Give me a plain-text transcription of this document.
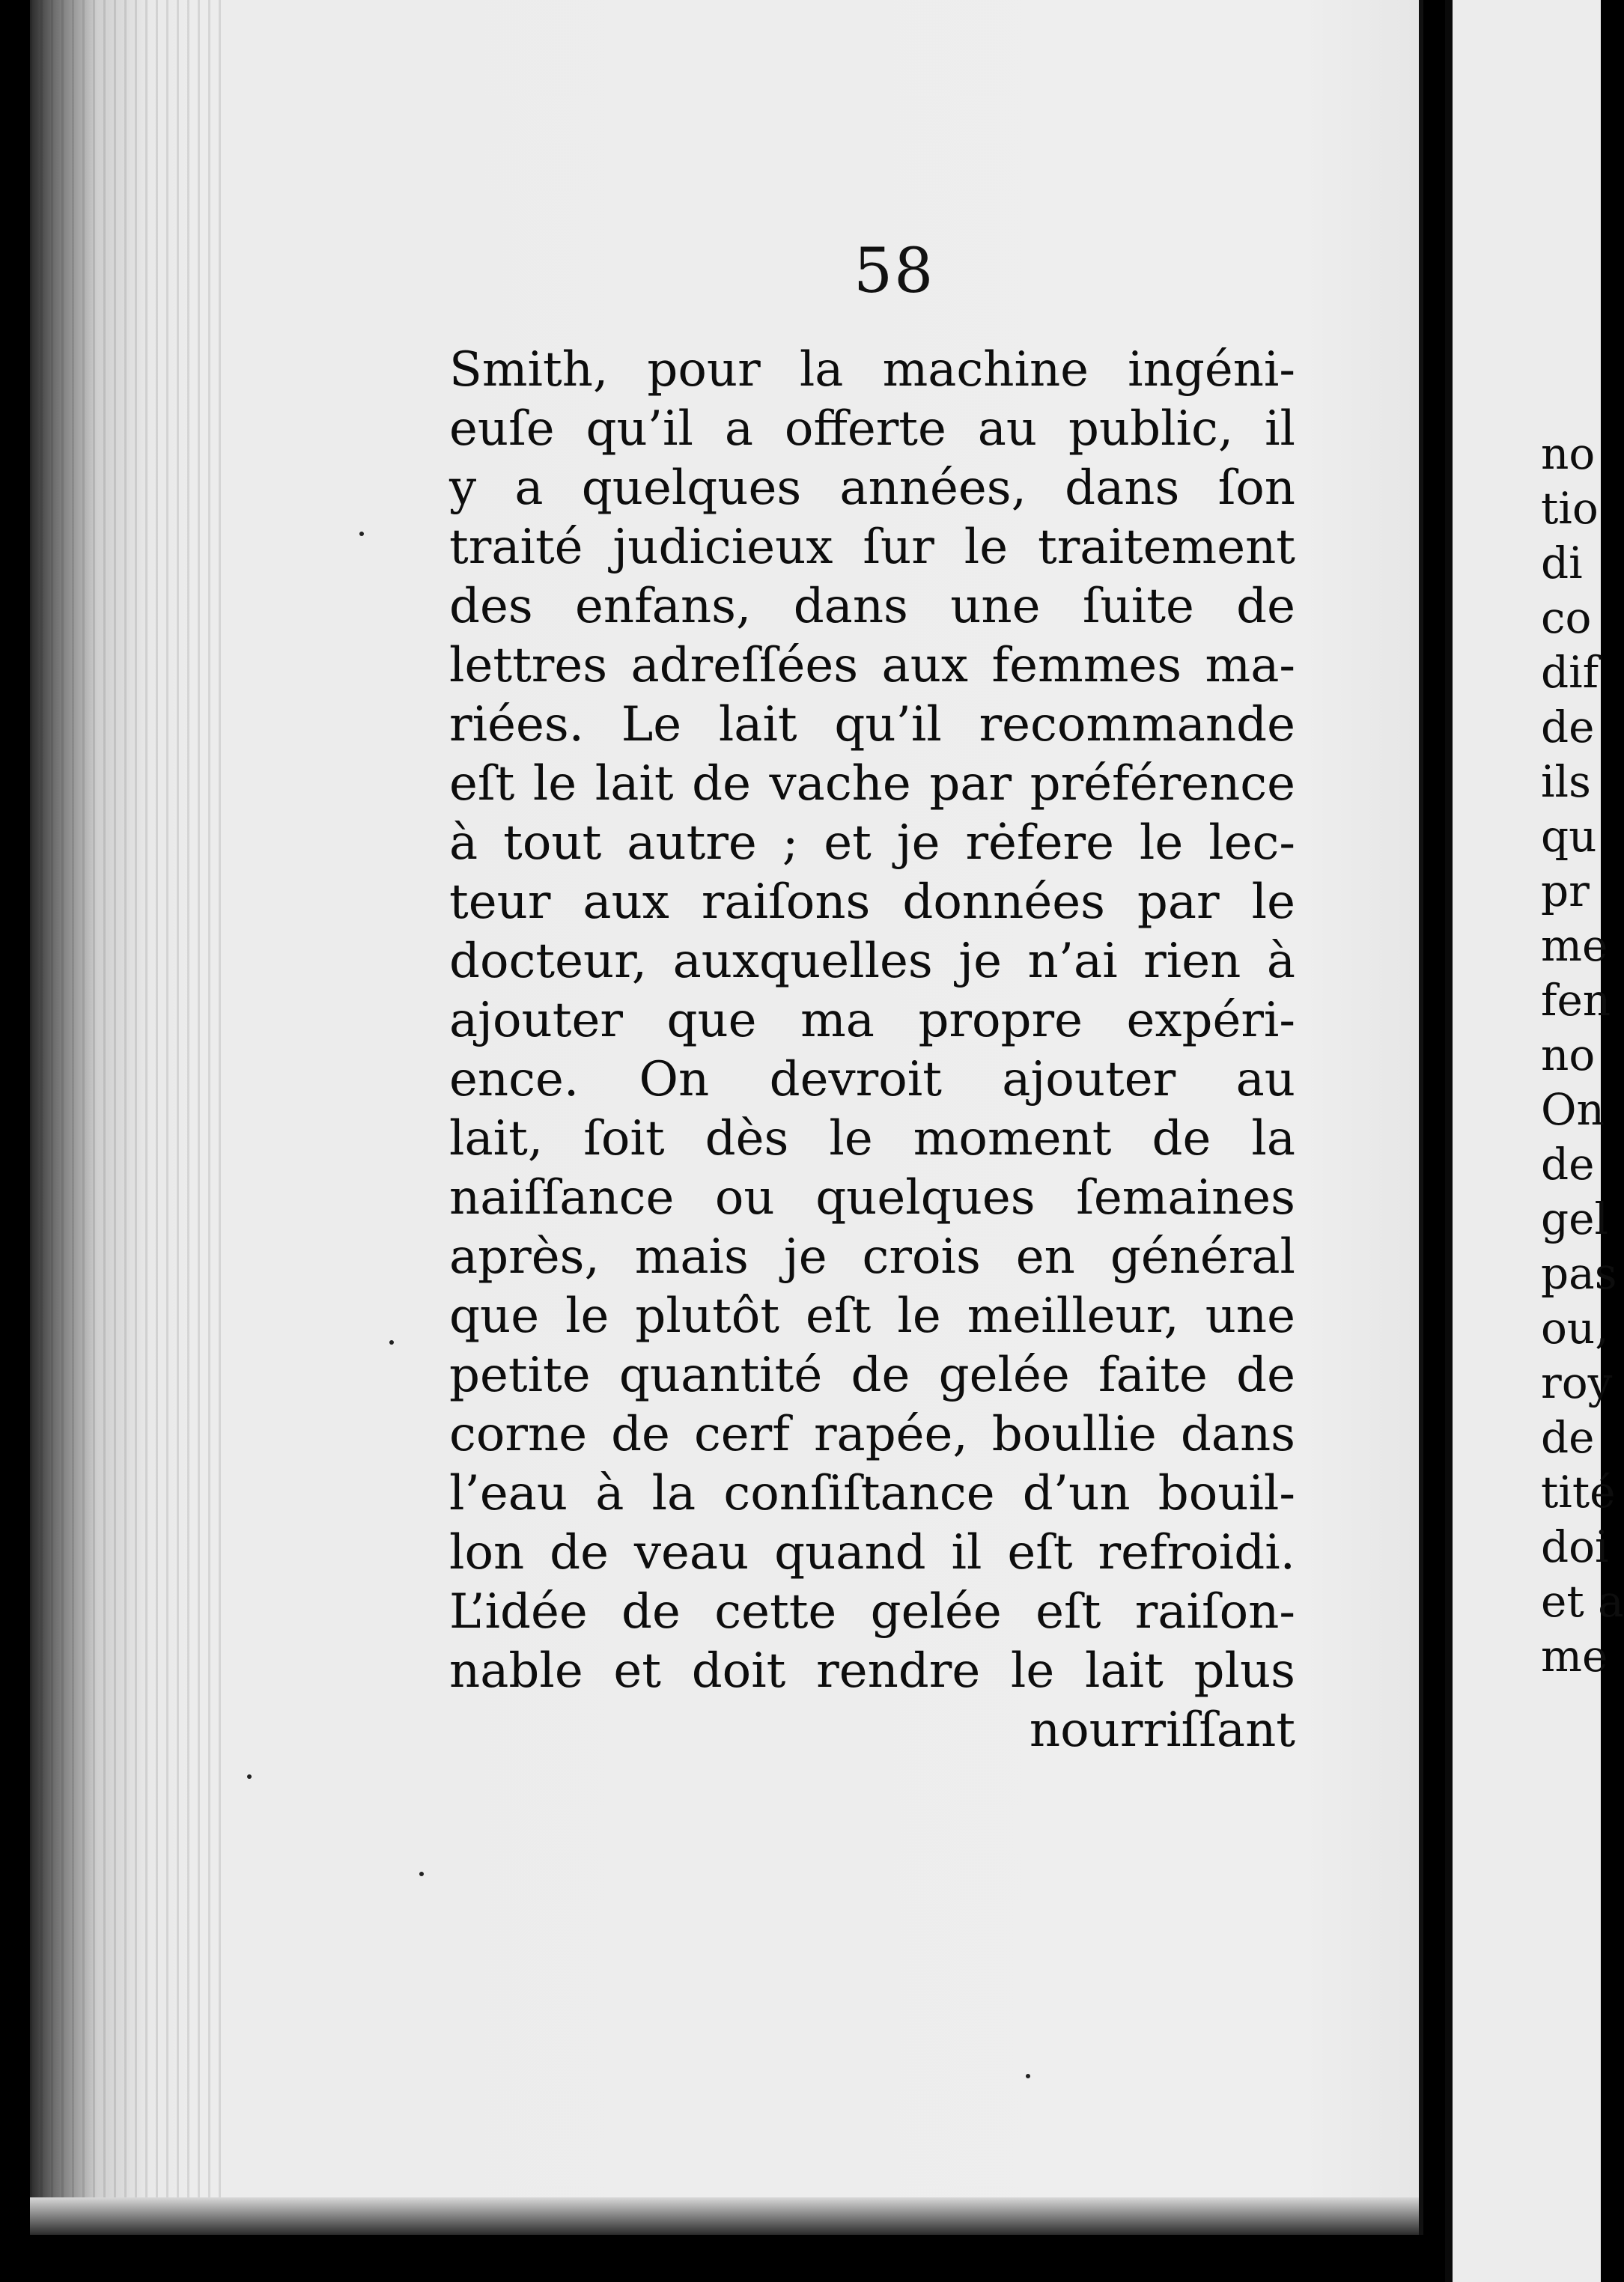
58
Smith, pour la machine ingéni-
euſe qu’il a offerte au public, il
y a quelques années, dans ſon
traité judicieux ſur le traitement
des enfans, dans une ſuite de
lettres adreſſées aux femmes ma-
riées. Le lait qu’il recommande
eſt le lait de vache par préférence
à tout autre ; et je rėfere le lec-
teur aux raiſons données par le
docteur, auxquelles je n’ai rien à
ajouter que ma propre expéri-
ence. On devroit ajouter au
lait, ſoit dès le moment de la
naiſſance ou quelques ſemaines
après, mais je crois en général
que le plutôt eſt le meilleur, une
petite quantité de gelée faite de
corne de cerf rapée, boullie dans
l’eau à la conſiſtance d’un bouil-
lon de veau quand il eſt refroidi.
L’idée de cette gelée eſt raiſon-
nable et doit rendre le lait plus
nourriſſant
no
tio
di
co
dif
de
ils
qu
pr
me
fen
no
On
de
gel
pas
ou,
roy
de
tité
doi
et a
me
